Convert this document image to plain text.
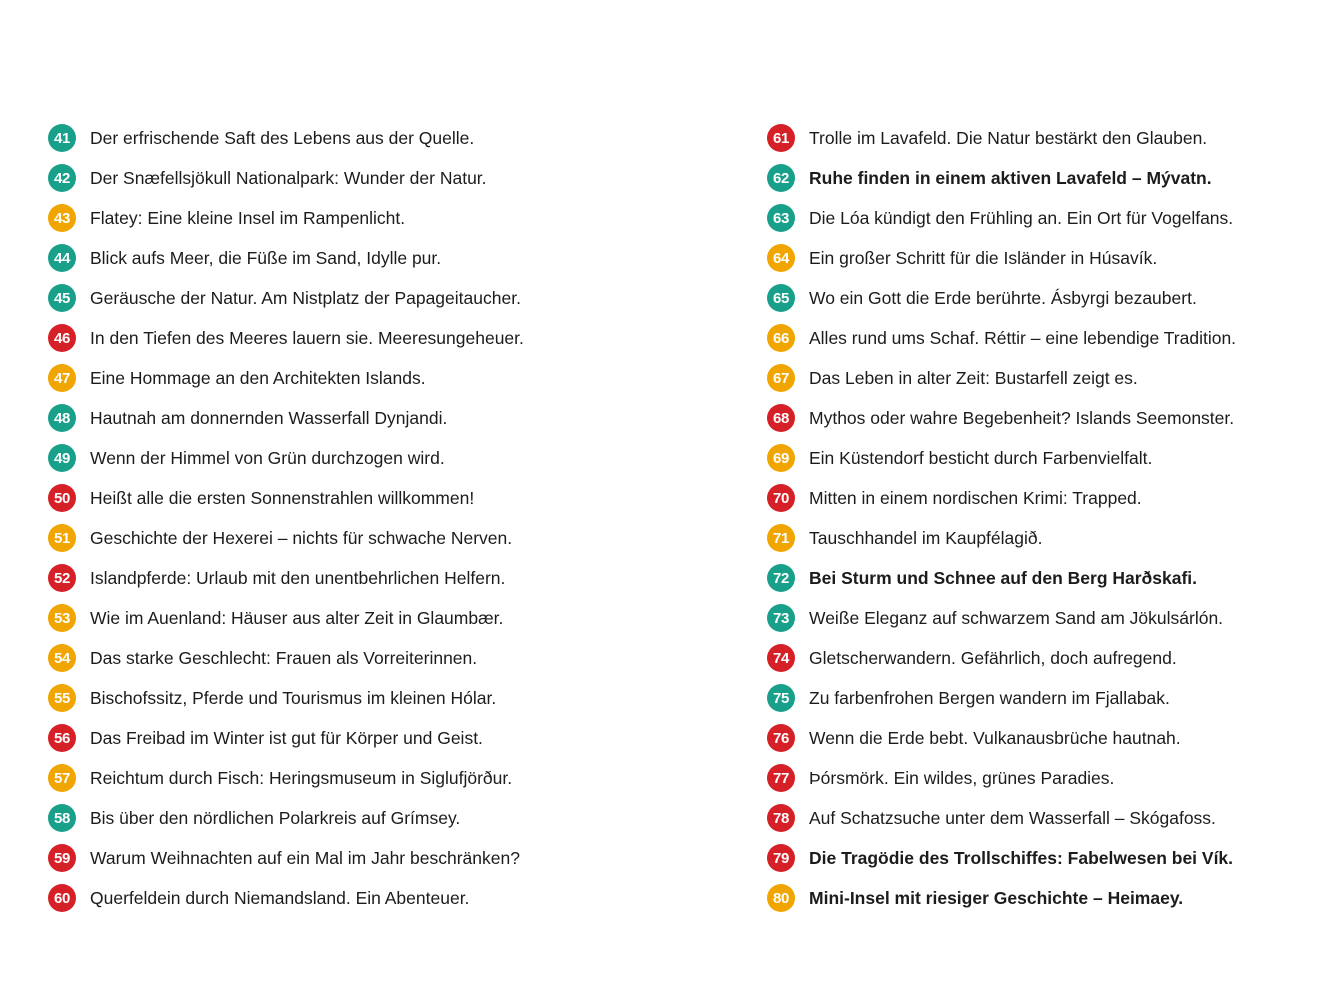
41	Der erfrischende Saft des Lebens aus der Quelle.
42	Der Snæfellsjökull Nationalpark: Wunder der Natur.
43	Flatey: Eine kleine Insel im Rampenlicht.
44	Blick aufs Meer, die Füße im Sand, Idylle pur.
45	Geräusche der Natur. Am Nistplatz der Papageitaucher.
46	In den Tiefen des Meeres lauern sie. Meeresungeheuer.
47	Eine Hommage an den Architekten Islands.
48	Hautnah am donnernden Wasserfall Dynjandi.
49	Wenn der Himmel von Grün durchzogen wird.
50	Heißt alle die ersten Sonnenstrahlen willkommen!
51	Geschichte der Hexerei – nichts für schwache Nerven.
52	Islandpferde: Urlaub mit den unentbehrlichen Helfern.
53	Wie im Auenland: Häuser aus alter Zeit in Glaumbær.
54	Das starke Geschlecht: Frauen als Vorreiterinnen.
55	Bischofssitz, Pferde und Tourismus im kleinen Hólar.
56	Das Freibad im Winter ist gut für Körper und Geist.
57	Reichtum durch Fisch: Heringsmuseum in Siglufjörður.
58	Bis über den nördlichen Polarkreis auf Grímsey.
59	Warum Weihnachten auf ein Mal im Jahr beschränken?
60	Querfeldein durch Niemandsland. Ein Abenteuer.
61	Trolle im Lavafeld. Die Natur bestärkt den Glauben.
62	Ruhe finden in einem aktiven Lavafeld – Mývatn.
63	Die Lóa kündigt den Frühling an. Ein Ort für Vogelfans.
64	Ein großer Schritt für die Isländer in Húsavík.
65	Wo ein Gott die Erde berührte. Ásbyrgi bezaubert.
66	Alles rund ums Schaf. Réttir – eine lebendige Tradition.
67	Das Leben in alter Zeit: Bustarfell zeigt es.
68	Mythos oder wahre Begebenheit? Islands Seemonster.
69	Ein Küstendorf besticht durch Farbenvielfalt.
70	Mitten in einem nordischen Krimi: Trapped.
71	Tauschhandel im Kaupfélagið.
72	Bei Sturm und Schnee auf den Berg Harðskafi.
73	Weiße Eleganz auf schwarzem Sand am Jökulsárlón.
74	Gletscherwandern. Gefährlich, doch aufregend.
75	Zu farbenfrohen Bergen wandern im Fjallabak.
76	Wenn die Erde bebt. Vulkanausbrüche hautnah.
77	Þórsmörk. Ein wildes, grünes Paradies.
78	Auf Schatzsuche unter dem Wasserfall – Skógafoss.
79	Die Tragödie des Trollschiffes: Fabelwesen bei Vík.
80	Mini-Insel mit riesiger Geschichte – Heimaey.
